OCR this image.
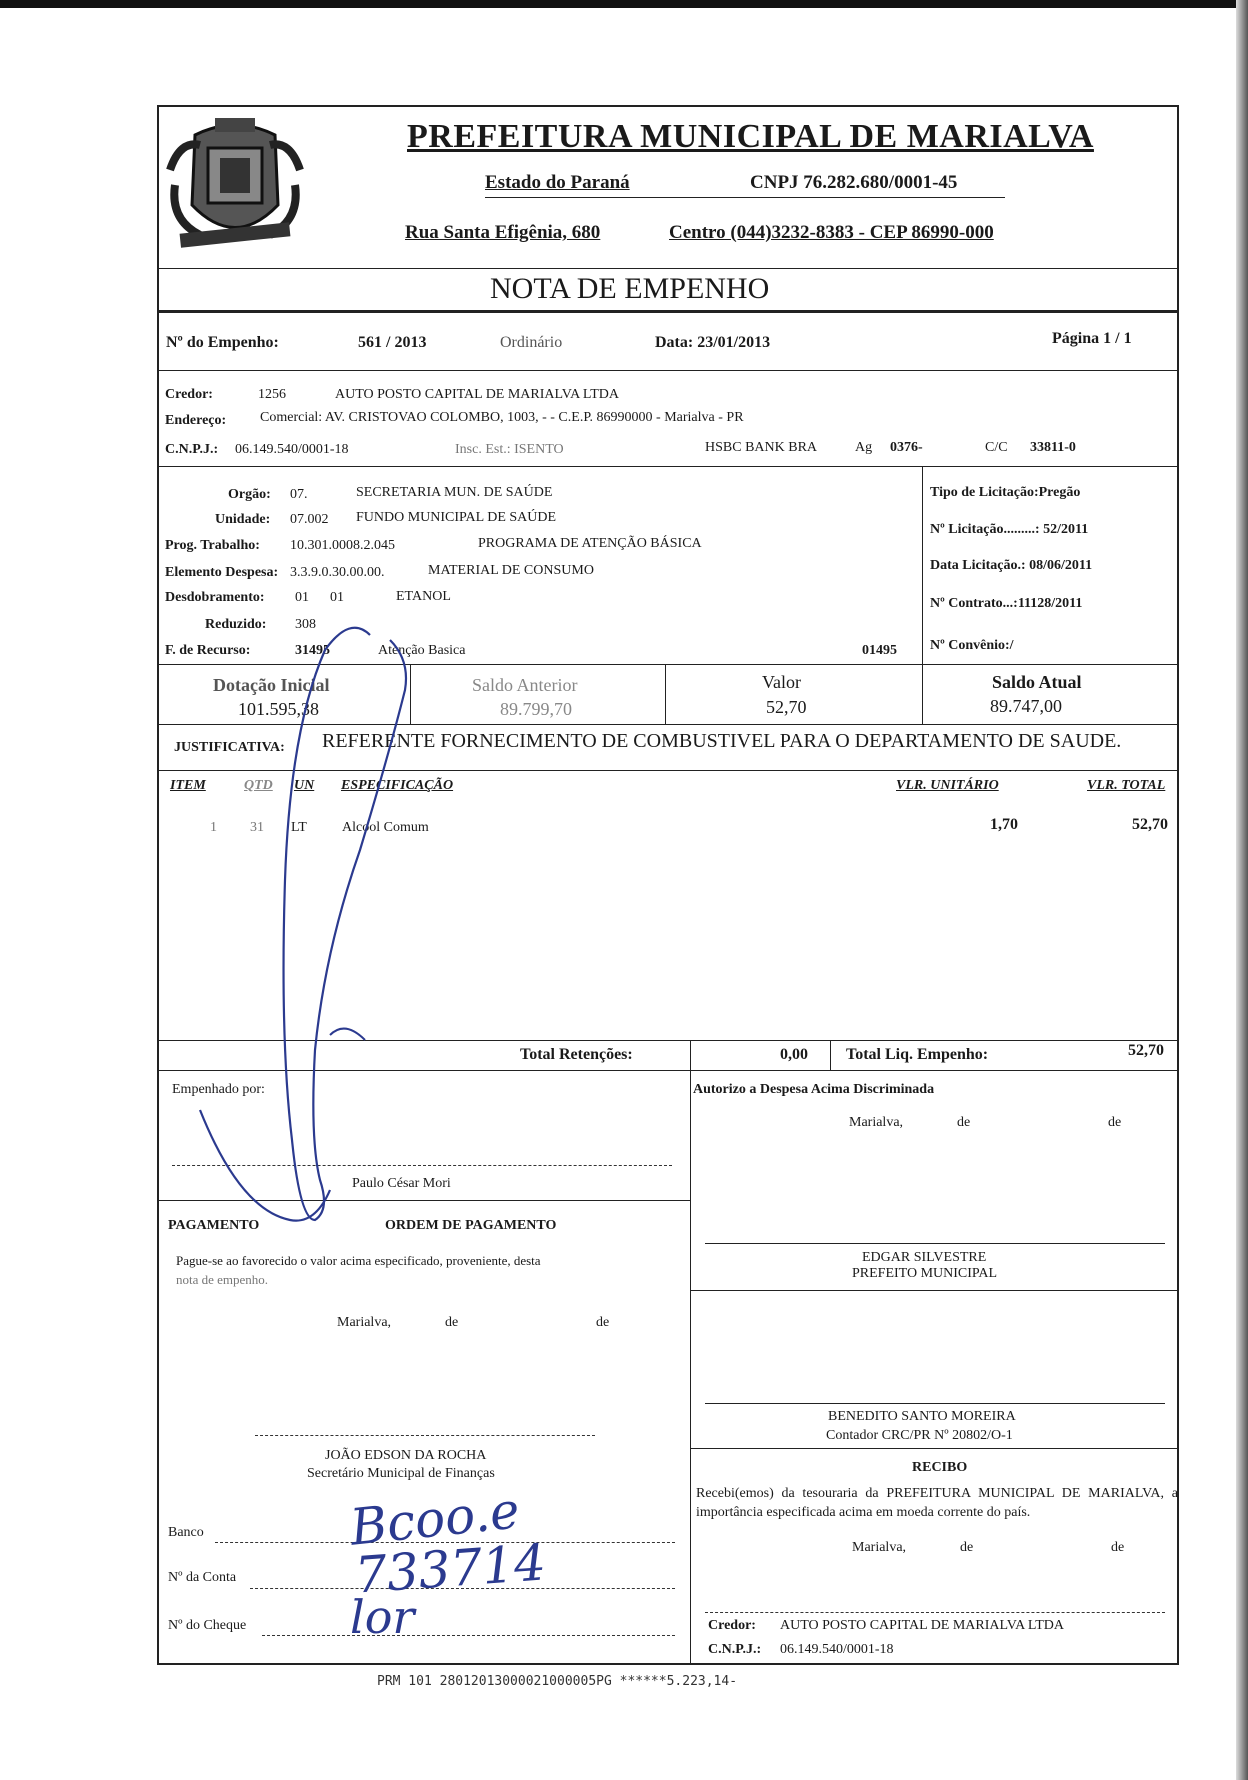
PREFEITURA MUNICIPAL DE MARIALVA
Estado do Paraná	CNPJ 76.282.680/0001-45
Rua Santa Efigênia, 680	Centro (044)3232-8383 - CEP 86990-000
NOTA DE EMPENHO
Nº do Empenho:	561 / 2013	Ordinário	Data: 23/01/2013	Página 1 / 1
Credor:	1256	AUTO POSTO CAPITAL DE MARIALVA LTDA
Endereço: Comercial: AV. CRISTOVAO COLOMBO, 1003, - - C.E.P. 86990000 - Marialva - PR
C.N.P.J.: 06.149.540/0001-18	Insc. Est.: ISENTO	HSBC BANK BRA	Ag 0376-	C/C 33811-0
Orgão: 07.	SECRETARIA MUN. DE SAÚDE
Unidade: 07.002 FUNDO MUNICIPAL DE SAÚDE
Prog. Trabalho: 10.301.0008.2.045	PROGRAMA DE ATENÇÃO BÁSICA
Elemento Despesa: 3.3.9.0.30.00.00.	MATERIAL DE CONSUMO
Desdobramento: 01      01	ETANOL
Reduzido: 308
F. de Recurso:	31495	Atenção Basica	01495
Tipo de Licitação:Pregão
Nº Licitação.........: 52/2011
Data Licitação.: 08/06/2011
Nº Contrato...:11128/2011
Nº Convênio:/
Dotação Inicial
101.595,38
Saldo Anterior
89.799,70
Valor
52,70
Saldo Atual
89.747,00
JUSTIFICATIVA: REFERENTE FORNECIMENTO DE COMBUSTIVEL PARA O DEPARTAMENTO DE SAUDE.
ITEM	QTD UN ESPECIFICAÇÃO	VLR. UNITÁRIO	VLR. TOTAL
1 31 LT	Alcool Comum	1,70	52,70
Total Retenções:	0,00 Total Liq. Empenho:	52,70
Empenhado por:
Paulo César Mori
PAGAMENTO	ORDEM DE PAGAMENTO
Pague-se ao favorecido o valor acima especificado, proveniente, desta
nota de empenho.
Marialva,	de	de
JOÃO EDSON DA ROCHA
Secretário Municipal de Finanças
Banco	Bcoo.e
Nº da Conta 733714
Nº do Cheque lor
Autorizo a Despesa Acima Discriminada
Marialva,	de	de
EDGAR SILVESTRE
PREFEITO MUNICIPAL
BENEDITO SANTO MOREIRA
Contador CRC/PR Nº 20802/O-1
RECIBO
Recebi(emos) da tesouraria da PREFEITURA MUNICIPAL DE MARIALVA, a importância especificada acima em moeda corrente do país.
Marialva,	de	de
Credor: AUTO POSTO CAPITAL DE MARIALVA LTDA
C.N.P.J.: 06.149.540/0001-18
PRM 101 28012013000021000005PG ******5.223,14-
